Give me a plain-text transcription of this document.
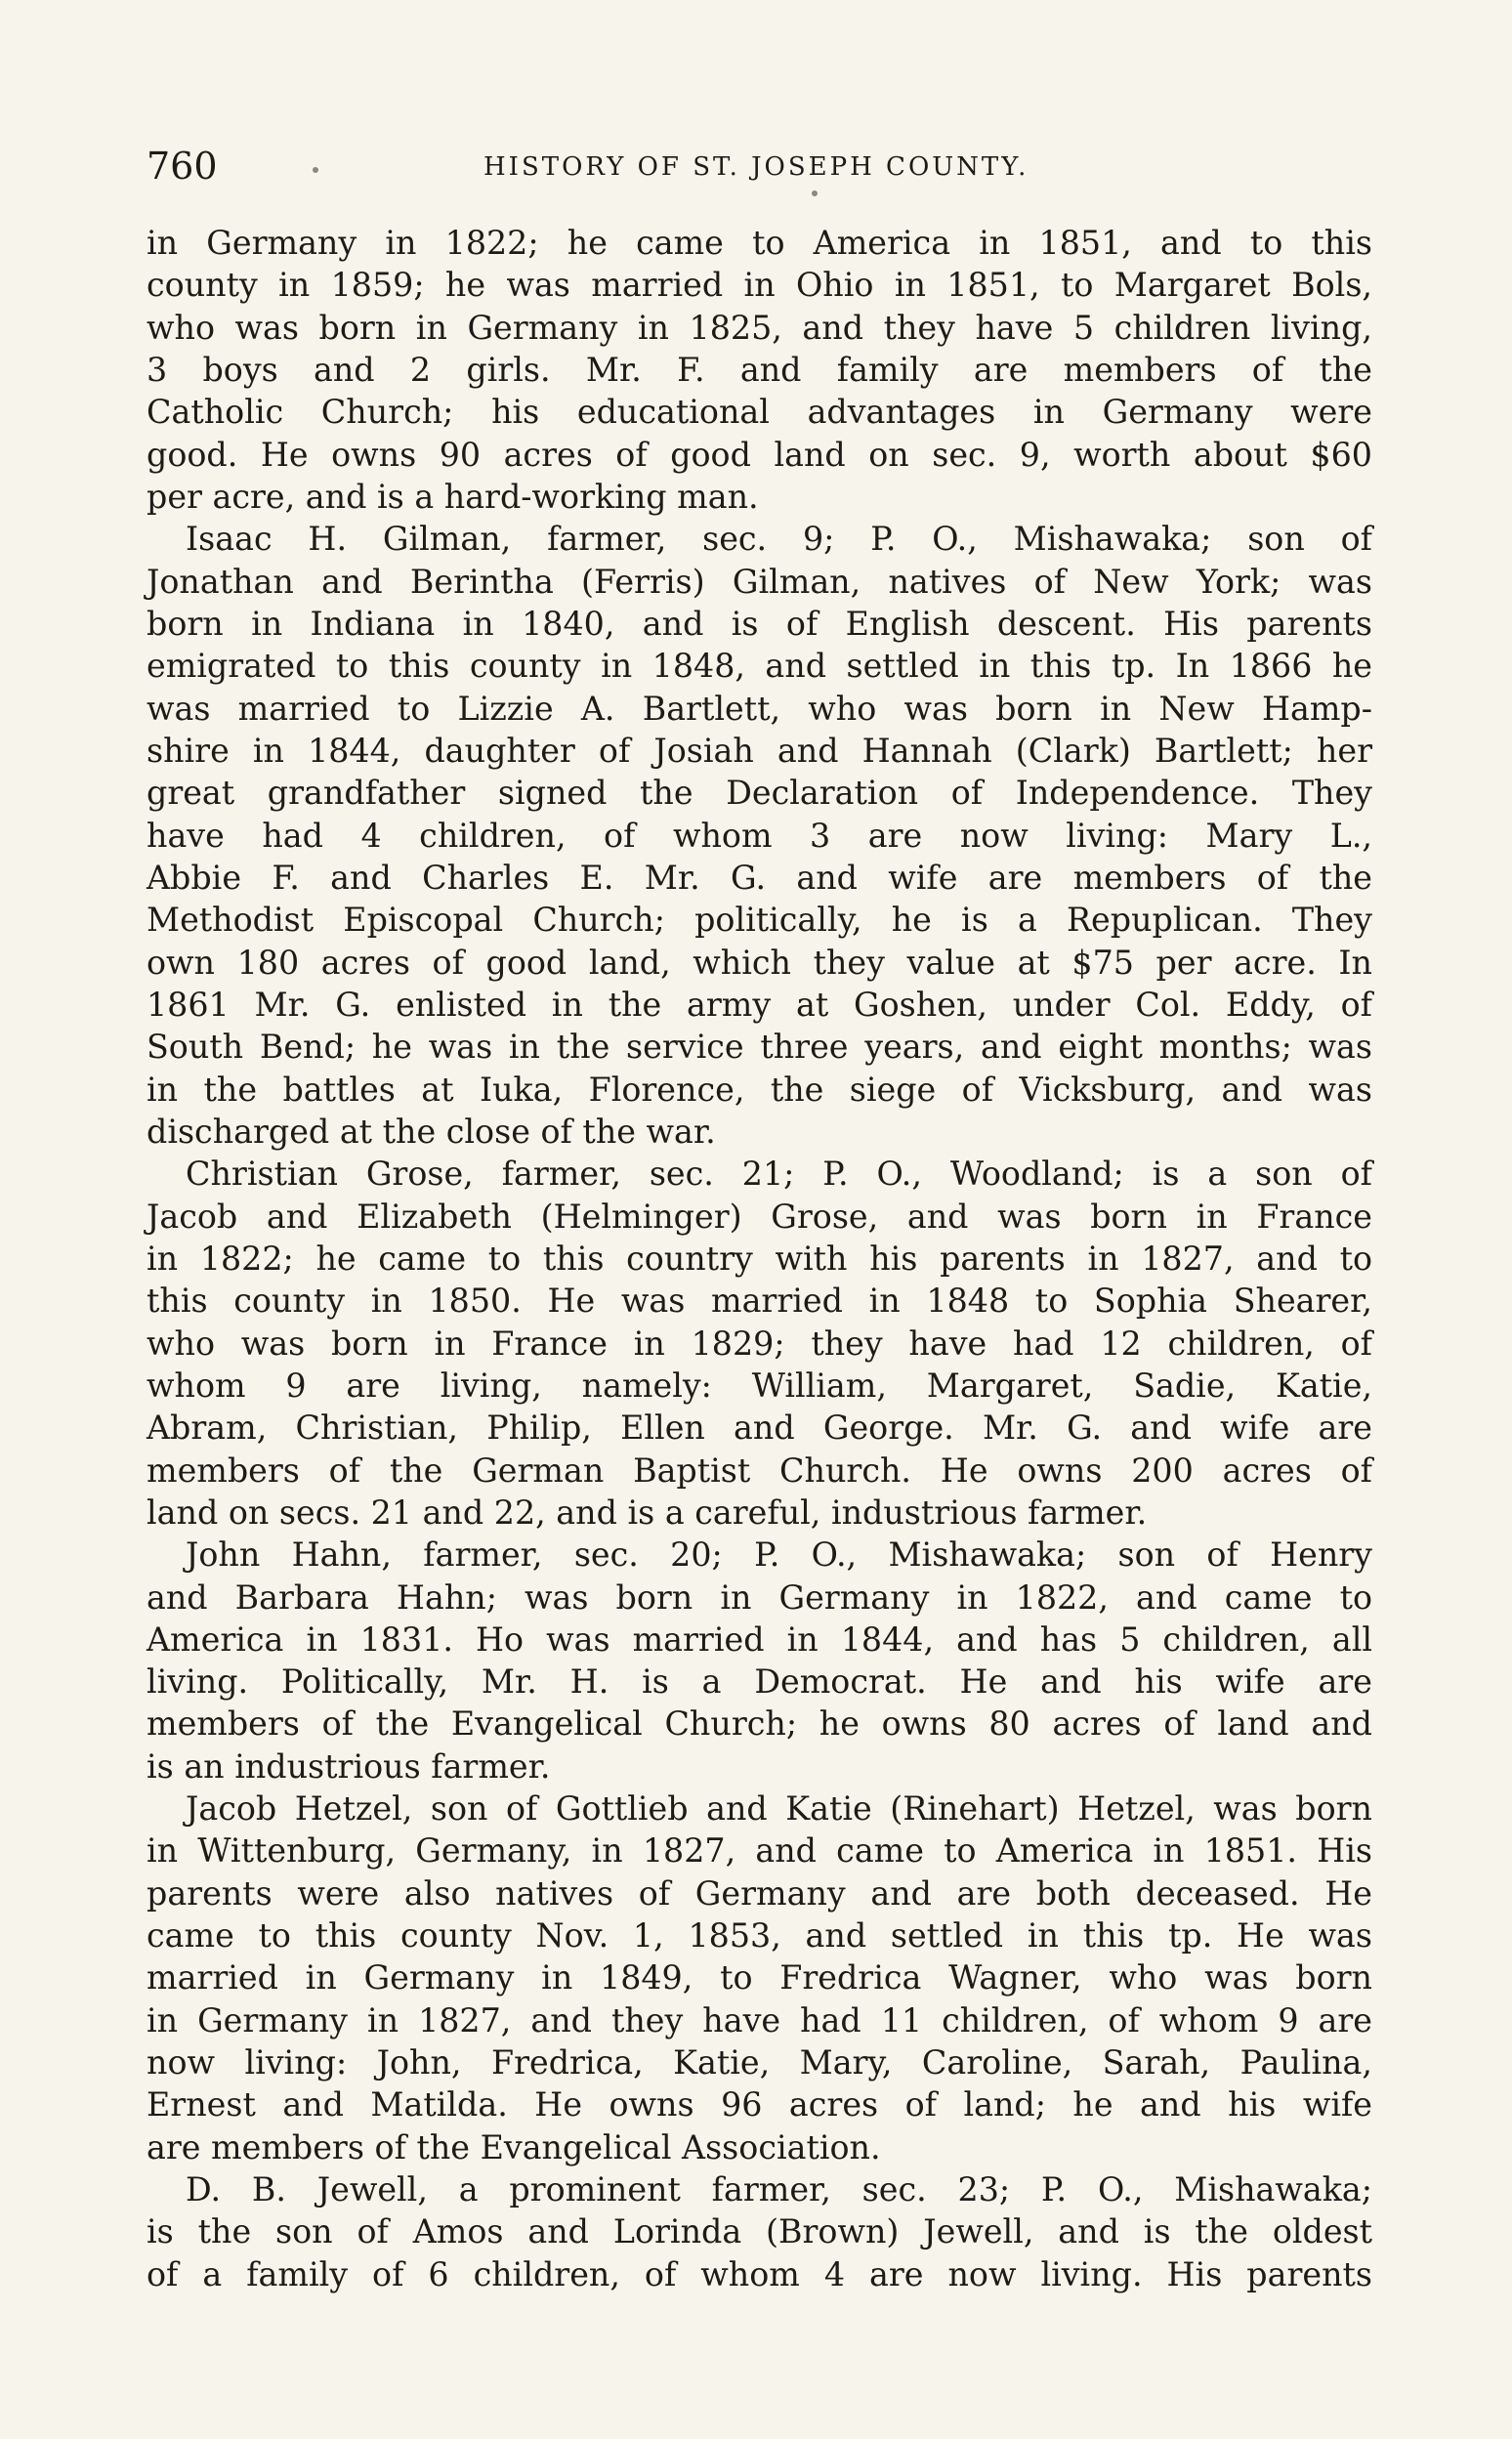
760	HISTORY OF ST. JOSEPH COUNTY.
in Germany in 1822; he came to America in 1851, and to this
county in 1859; he was married in Ohio in 1851, to Margaret Bols,
who was born in Germany in 1825, and they have 5 children living,
3 boys and 2 girls. Mr. F. and family are members of the
Catholic Church; his educational advantages in Germany were
good. He owns 90 acres of good land on sec. 9, worth about $60
per acre, and is a hard-working man.
Isaac H. Gilman, farmer, sec. 9; P. O., Mishawaka; son of
Jonathan and Berintha (Ferris) Gilman, natives of New York; was
born in Indiana in 1840, and is of English descent. His parents
emigrated to this county in 1848, and settled in this tp. In 1866 he
was married to Lizzie A. Bartlett, who was born in New Hamp-
shire in 1844, daughter of Josiah and Hannah (Clark) Bartlett; her
great grandfather signed the Declaration of Independence. They
have had 4 children, of whom 3 are now living: Mary L.,
Abbie F. and Charles E. Mr. G. and wife are members of the
Methodist Episcopal Church; politically, he is a Repuplican. They
own 180 acres of good land, which they value at $75 per acre. In
1861 Mr. G. enlisted in the army at Goshen, under Col. Eddy, of
South Bend; he was in the service three years, and eight months; was
in the battles at Iuka, Florence, the siege of Vicksburg, and was
discharged at the close of the war.
Christian Grose, farmer, sec. 21; P. O., Woodland; is a son of
Jacob and Elizabeth (Helminger) Grose, and was born in France
in 1822; he came to this country with his parents in 1827, and to
this county in 1850. He was married in 1848 to Sophia Shearer,
who was born in France in 1829; they have had 12 children, of
whom 9 are living, namely: William, Margaret, Sadie, Katie,
Abram, Christian, Philip, Ellen and George. Mr. G. and wife are
members of the German Baptist Church. He owns 200 acres of
land on secs. 21 and 22, and is a careful, industrious farmer.
John Hahn, farmer, sec. 20; P. O., Mishawaka; son of Henry
and Barbara Hahn; was born in Germany in 1822, and came to
America in 1831. Ho was married in 1844, and has 5 children, all
living. Politically, Mr. H. is a Democrat. He and his wife are
members of the Evangelical Church; he owns 80 acres of land and
is an industrious farmer.
Jacob Hetzel, son of Gottlieb and Katie (Rinehart) Hetzel, was born
in Wittenburg, Germany, in 1827, and came to America in 1851. His
parents were also natives of Germany and are both deceased. He
came to this county Nov. 1, 1853, and settled in this tp. He was
married in Germany in 1849, to Fredrica Wagner, who was born
in Germany in 1827, and they have had 11 children, of whom 9 are
now living: John, Fredrica, Katie, Mary, Caroline, Sarah, Paulina,
Ernest and Matilda. He owns 96 acres of land; he and his wife
are members of the Evangelical Association.
D. B. Jewell, a prominent farmer, sec. 23; P. O., Mishawaka;
is the son of Amos and Lorinda (Brown) Jewell, and is the oldest
of a family of 6 children, of whom 4 are now living. His parents
